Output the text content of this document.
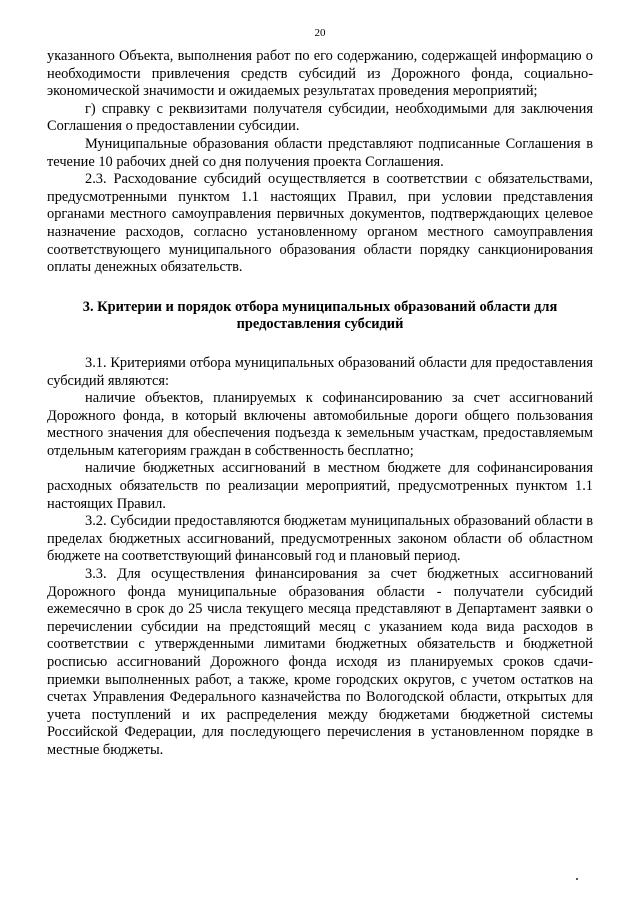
20

указанного Объекта, выполнения работ по его содержанию, содержащей информацию о необходимости привлечения средств субсидий из Дорожного фонда, социально-экономической значимости и ожидаемых результатах проведения мероприятий;

г) справку с реквизитами получателя субсидии, необходимыми для заключения Соглашения о предоставлении субсидии.

Муниципальные образования области представляют подписанные Соглашения в течение 10 рабочих дней со дня получения проекта Соглашения.

2.3. Расходование субсидий осуществляется в соответствии с обязательствами, предусмотренными пунктом 1.1 настоящих Правил, при условии представления органами местного самоуправления первичных документов, подтверждающих целевое назначение расходов, согласно установленному органом местного самоуправления соответствующего муниципального образования области порядку санкционирования оплаты денежных обязательств.

3. Критерии и порядок отбора муниципальных образований области для предоставления субсидий

3.1. Критериями отбора муниципальных образований области для предоставления субсидий являются:

наличие объектов, планируемых к софинансированию за счет ассигнований Дорожного фонда, в который включены автомобильные дороги общего пользования местного значения для обеспечения подъезда к земельным участкам, предоставляемым отдельным категориям граждан в собственность бесплатно;

наличие бюджетных ассигнований в местном бюджете для софинансирования расходных обязательств по реализации мероприятий, предусмотренных пунктом 1.1 настоящих Правил.

3.2. Субсидии предоставляются бюджетам муниципальных образований области в пределах бюджетных ассигнований, предусмотренных законом области об областном бюджете на соответствующий финансовый год и плановый период.

3.3. Для осуществления финансирования за счет бюджетных ассигнований Дорожного фонда муниципальные образования области - получатели субсидий ежемесячно в срок до 25 числа текущего месяца представляют в Департамент заявки о перечислении субсидии на предстоящий месяц с указанием кода вида расходов в соответствии с утвержденными лимитами бюджетных обязательств и бюджетной росписью ассигнований Дорожного фонда исходя из планируемых сроков сдачи-приемки выполненных работ, а также, кроме городских округов, с учетом остатков на счетах Управления Федерального казначейства по Вологодской области, открытых для учета поступлений и их распределения между бюджетами бюджетной системы Российской Федерации, для последующего перечисления в установленном порядке в местные бюджеты.
